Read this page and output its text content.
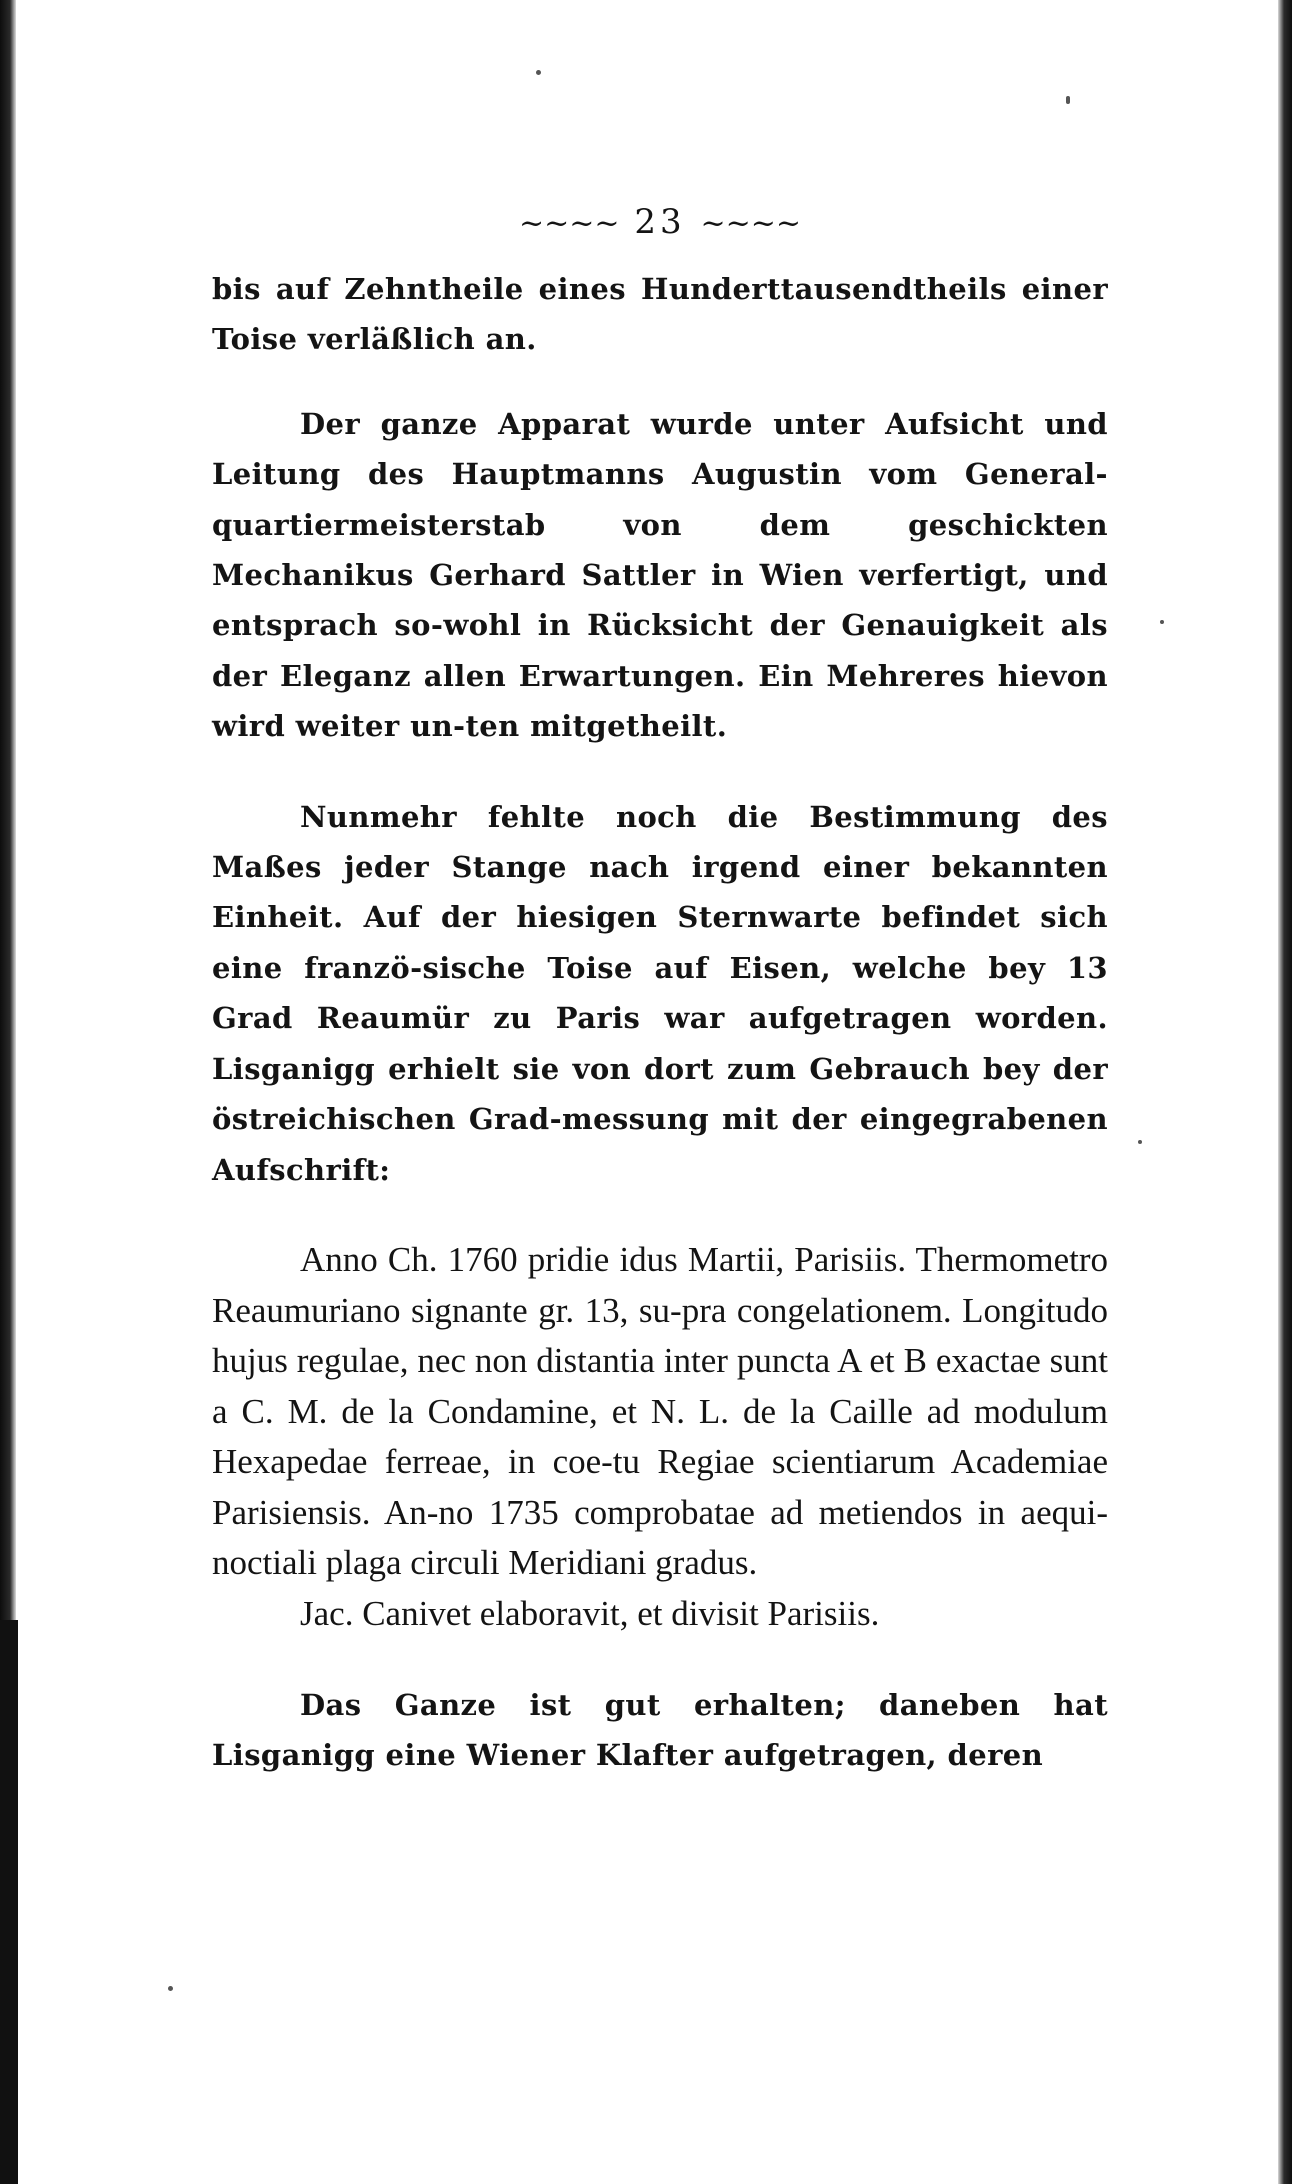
~~~~ 23 ~~~~

bis auf Zehntheile eines Hunderttausendtheils einer Toise verläßlich an.

Der ganze Apparat wurde unter Aufsicht und Leitung des Hauptmanns Augustin vom General-quartiermeisterstab von dem geschickten Mechanikus Gerhard Sattler in Wien verfertigt, und entsprach so-wohl in Rücksicht der Genauigkeit als der Eleganz allen Erwartungen. Ein Mehreres hievon wird weiter un-ten mitgetheilt.

Nunmehr fehlte noch die Bestimmung des Maßes jeder Stange nach irgend einer bekannten Einheit. Auf der hiesigen Sternwarte befindet sich eine franzö-sische Toise auf Eisen, welche bey 13 Grad Reaumür zu Paris war aufgetragen worden. Lisganigg erhielt sie von dort zum Gebrauch bey der östreichischen Grad-messung mit der eingegrabenen Aufschrift:

Anno Ch. 1760 pridie idus Martii, Parisiis. Thermometro Reaumuriano signante gr. 13, su-pra congelationem. Longitudo hujus regulae, nec non distantia inter puncta A et B exactae sunt a C. M. de la Condamine, et N. L. de la Caille ad modulum Hexapedae ferreae, in coe-tu Regiae scientiarum Academiae Parisiensis. An-no 1735 comprobatae ad metiendos in aequi-noctiali plaga circuli Meridiani gradus.

Jac. Canivet elaboravit, et divisit Parisiis.

Das Ganze ist gut erhalten; daneben hat Lisganigg eine Wiener Klafter aufgetragen, deren
